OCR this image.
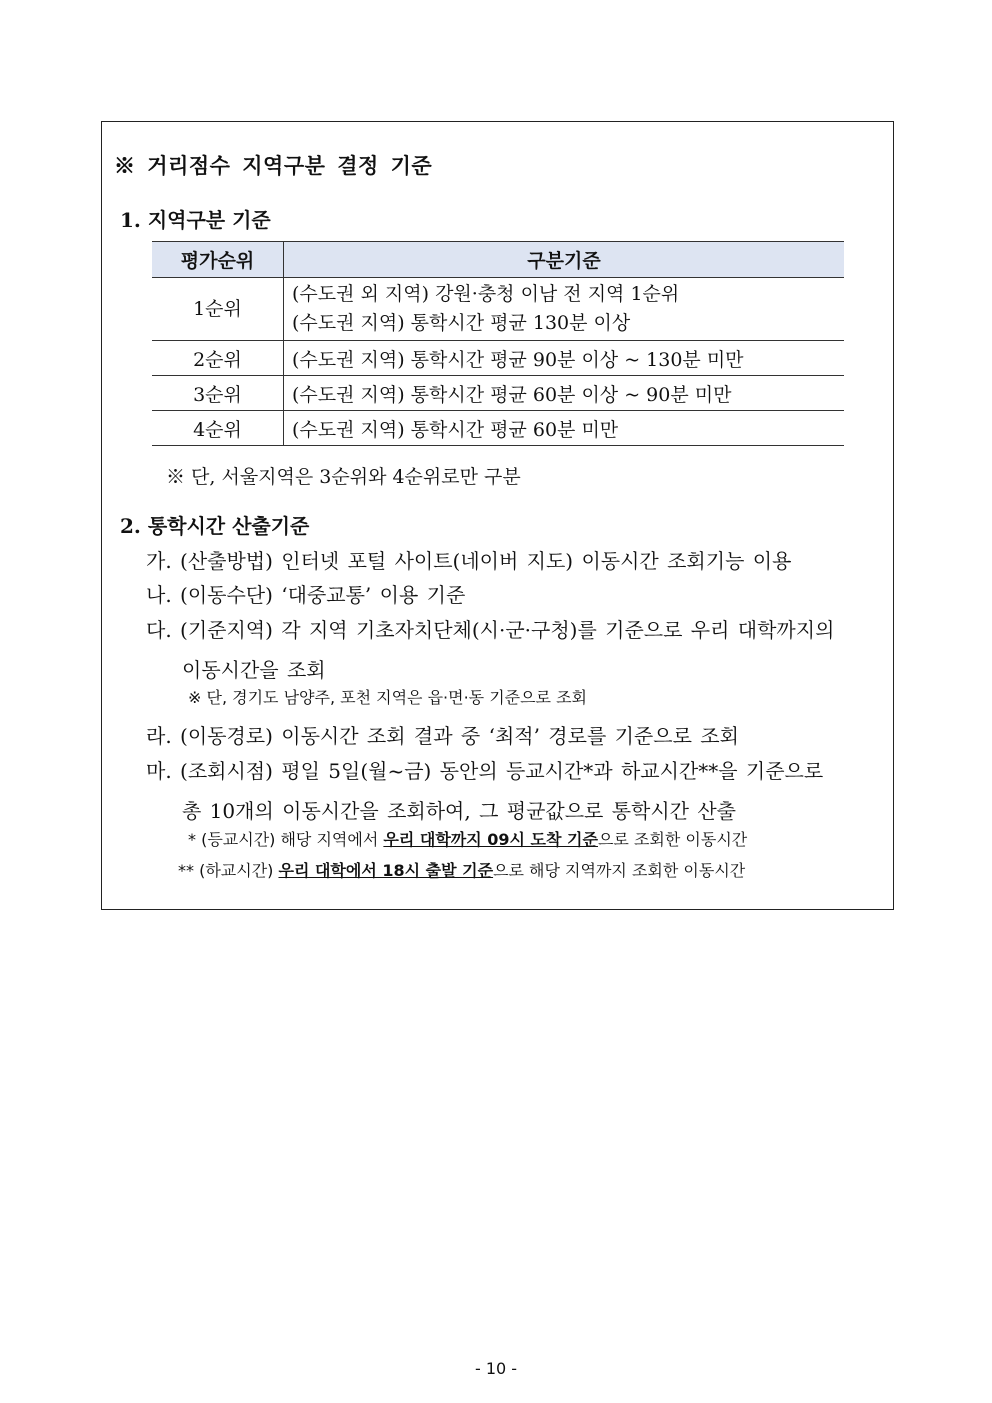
※ 거리점수 지역구분 결정 기준
1. 지역구분 기준
평가순위	구분기준
1순위	(수도권 외 지역) 강원·충청 이남 전 지역 1순위
(수도권 지역) 통학시간 평균 130분 이상

2순위	(수도권 지역) 통학시간 평균 90분 이상 ~ 130분 미만
3순위	(수도권 지역) 통학시간 평균 60분 이상 ~ 90분 미만
4순위	(수도권 지역) 통학시간 평균 60분 미만
※ 단, 서울지역은 3순위와 4순위로만 구분
2. 통학시간 산출기준
가. (산출방법) 인터넷 포털 사이트(네이버 지도) 이동시간 조회기능 이용
나. (이동수단) ‘대중교통’ 이용 기준
다. (기준지역) 각 지역 기초자치단체(시·군·구청)를 기준으로 우리 대학까지의
이동시간을 조회
※ 단, 경기도 남양주, 포천 지역은 읍·면·동 기준으로 조회
라. (이동경로) 이동시간 조회 결과 중 ‘최적’ 경로를 기준으로 조회
마. (조회시점) 평일 5일(월~금) 동안의 등교시간*과 하교시간**을 기준으로
총 10개의 이동시간을 조회하여, 그 평균값으로 통학시간 산출
* (등교시간) 해당 지역에서 우리 대학까지 09시 도착 기준으로 조회한 이동시간
** (하교시간) 우리 대학에서 18시 출발 기준으로 해당 지역까지 조회한 이동시간
- 10 -
